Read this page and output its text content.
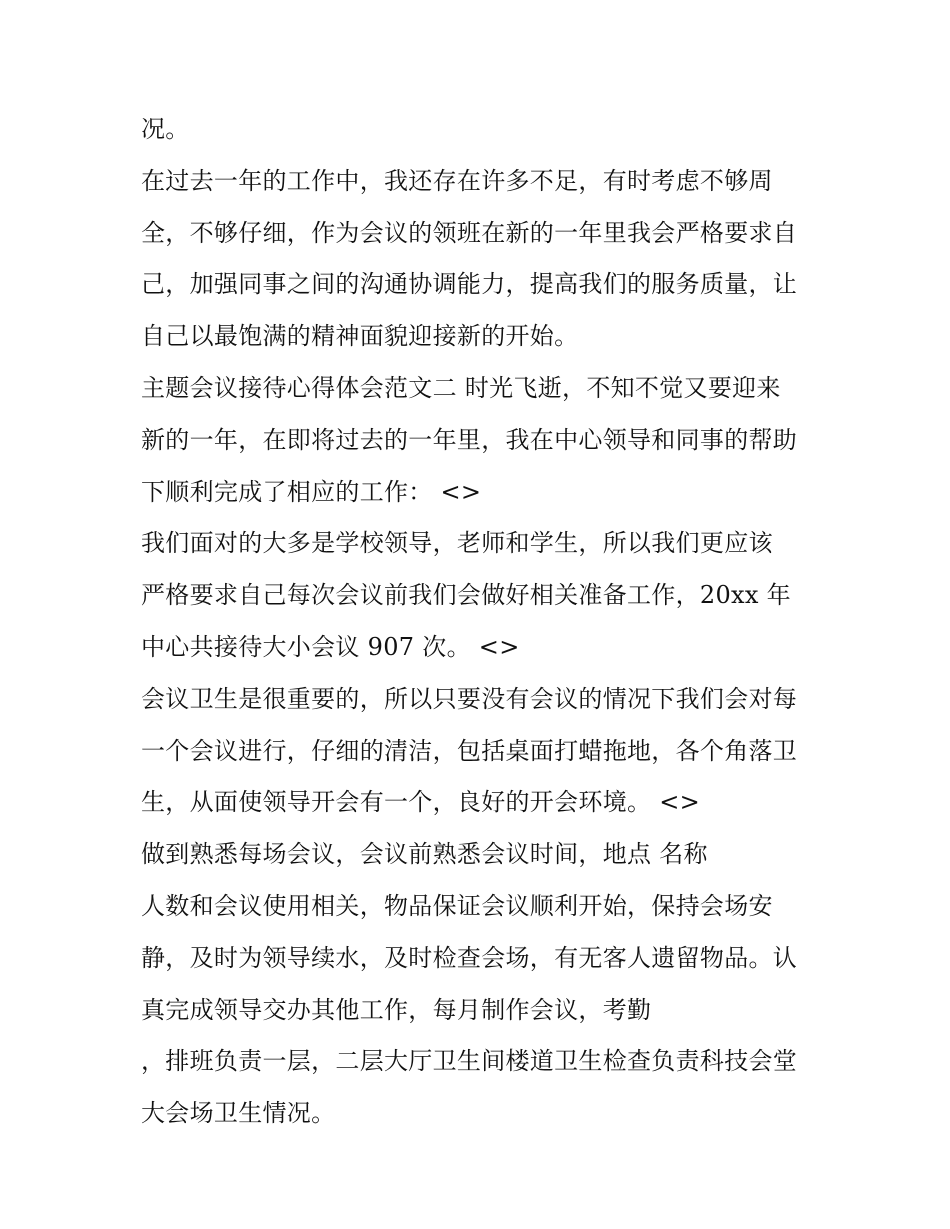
况。
在过去一年的工作中，我还存在许多不足，有时考虑不够周
全，不够仔细，作为会议的领班在新的一年里我会严格要求自
己，加强同事之间的沟通协调能力，提高我们的服务质量，让
自己以最饱满的精神面貌迎接新的开始。
主题会议接待心得体会范文二 时光飞逝，不知不觉又要迎来
新的一年，在即将过去的一年里，我在中心领导和同事的帮助
下顺利完成了相应的工作： <>
我们面对的大多是学校领导，老师和学生，所以我们更应该
严格要求自己每次会议前我们会做好相关准备工作，20xx 年
中心共接待大小会议 907 次。 <>
会议卫生是很重要的，所以只要没有会议的情况下我们会对每
一个会议进行，仔细的清洁，包括桌面打蜡拖地，各个角落卫
生，从面使领导开会有一个，良好的开会环境。 <>
做到熟悉每场会议，会议前熟悉会议时间，地点 名称
人数和会议使用相关，物品保证会议顺利开始，保持会场安
静，及时为领导续水，及时检查会场，有无客人遗留物品。认
真完成领导交办其他工作，每月制作会议，考勤
，排班负责一层，二层大厅卫生间楼道卫生检查负责科技会堂
大会场卫生情况。
